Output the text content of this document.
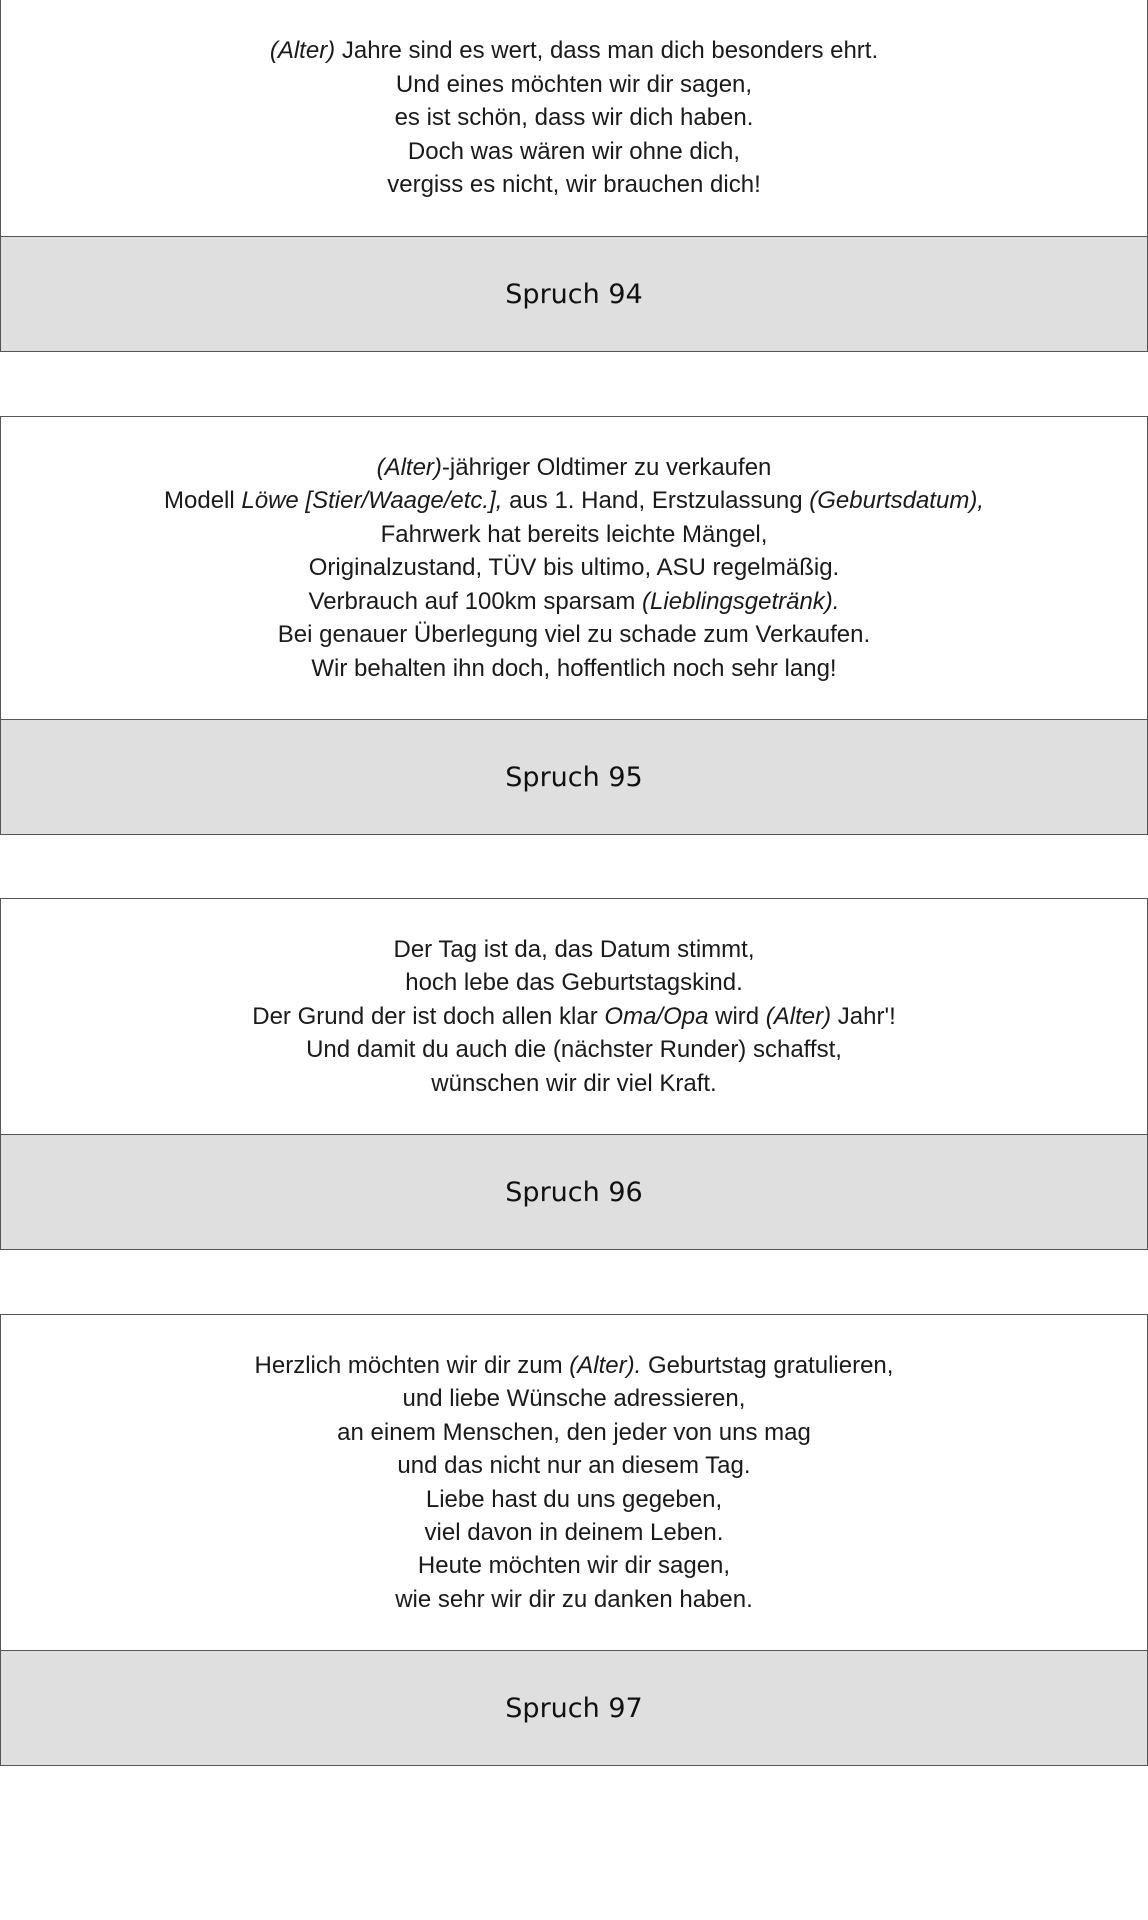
(Alter) Jahre sind es wert, dass man dich besonders ehrt.
Und eines möchten wir dir sagen,
es ist schön, dass wir dich haben.
Doch was wären wir ohne dich,
vergiss es nicht, wir brauchen dich!
Spruch 94
(Alter)-jähriger Oldtimer zu verkaufen
Modell Löwe [Stier/Waage/etc.], aus 1. Hand, Erstzulassung (Geburtsdatum),
Fahrwerk hat bereits leichte Mängel,
Originalzustand, TÜV bis ultimo, ASU regelmäßig.
Verbrauch auf 100km sparsam (Lieblingsgetränk).
Bei genauer Überlegung viel zu schade zum Verkaufen.
Wir behalten ihn doch, hoffentlich noch sehr lang!
Spruch 95
Der Tag ist da, das Datum stimmt,
hoch lebe das Geburtstagskind.
Der Grund der ist doch allen klar Oma/Opa wird (Alter) Jahr'!
Und damit du auch die (nächster Runder) schaffst,
wünschen wir dir viel Kraft.
Spruch 96
Herzlich möchten wir dir zum (Alter). Geburtstag gratulieren,
und liebe Wünsche adressieren,
an einem Menschen, den jeder von uns mag
und das nicht nur an diesem Tag.
Liebe hast du uns gegeben,
viel davon in deinem Leben.
Heute möchten wir dir sagen,
wie sehr wir dir zu danken haben.
Spruch 97
